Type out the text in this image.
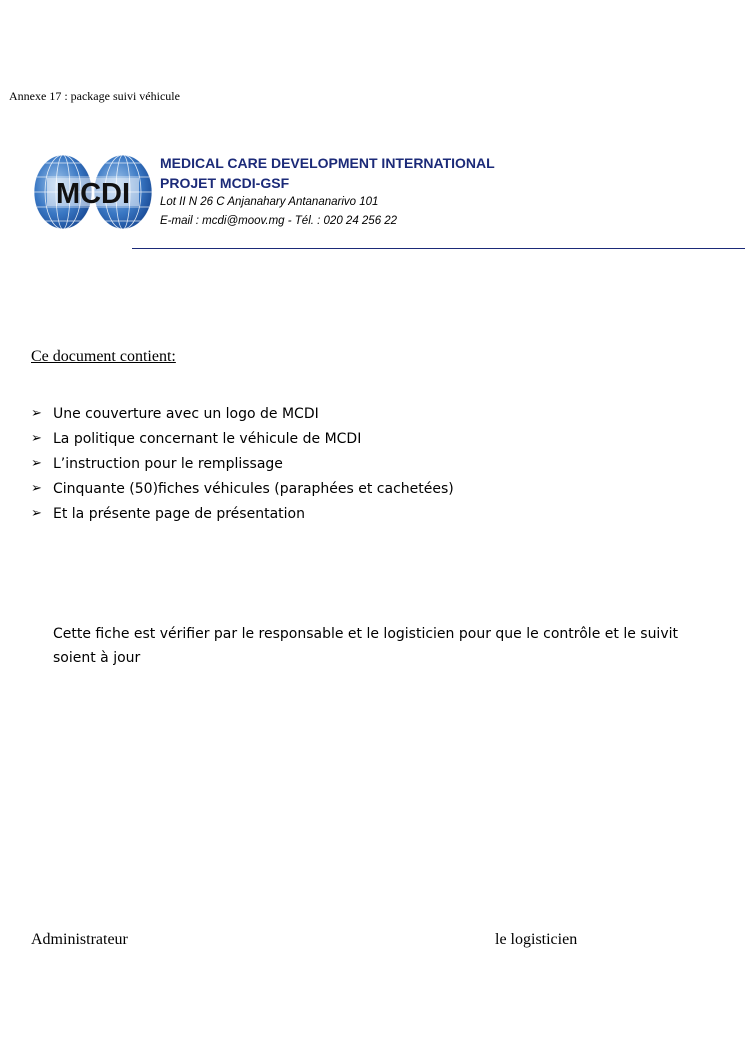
Annexe 17 : package suivi véhicule
MCDI
MEDICAL CARE DEVELOPMENT INTERNATIONAL
PROJET MCDI-GSF
Lot II N 26 C Anjanahary Antananarivo 101
E-mail : mcdi@moov.mg - Tél. : 020 24 256 22
Ce document contient:
➢ Une couverture avec un logo de MCDI
➢ La politique concernant le véhicule de MCDI
➢ L’instruction pour le remplissage
➢ Cinquante (50)fiches véhicules (paraphées et cachetées)
➢ Et la présente page de présentation
Cette fiche est vérifier par le responsable et le logisticien pour que le contrôle et le suivit soient à jour
Administrateur	le logisticien
